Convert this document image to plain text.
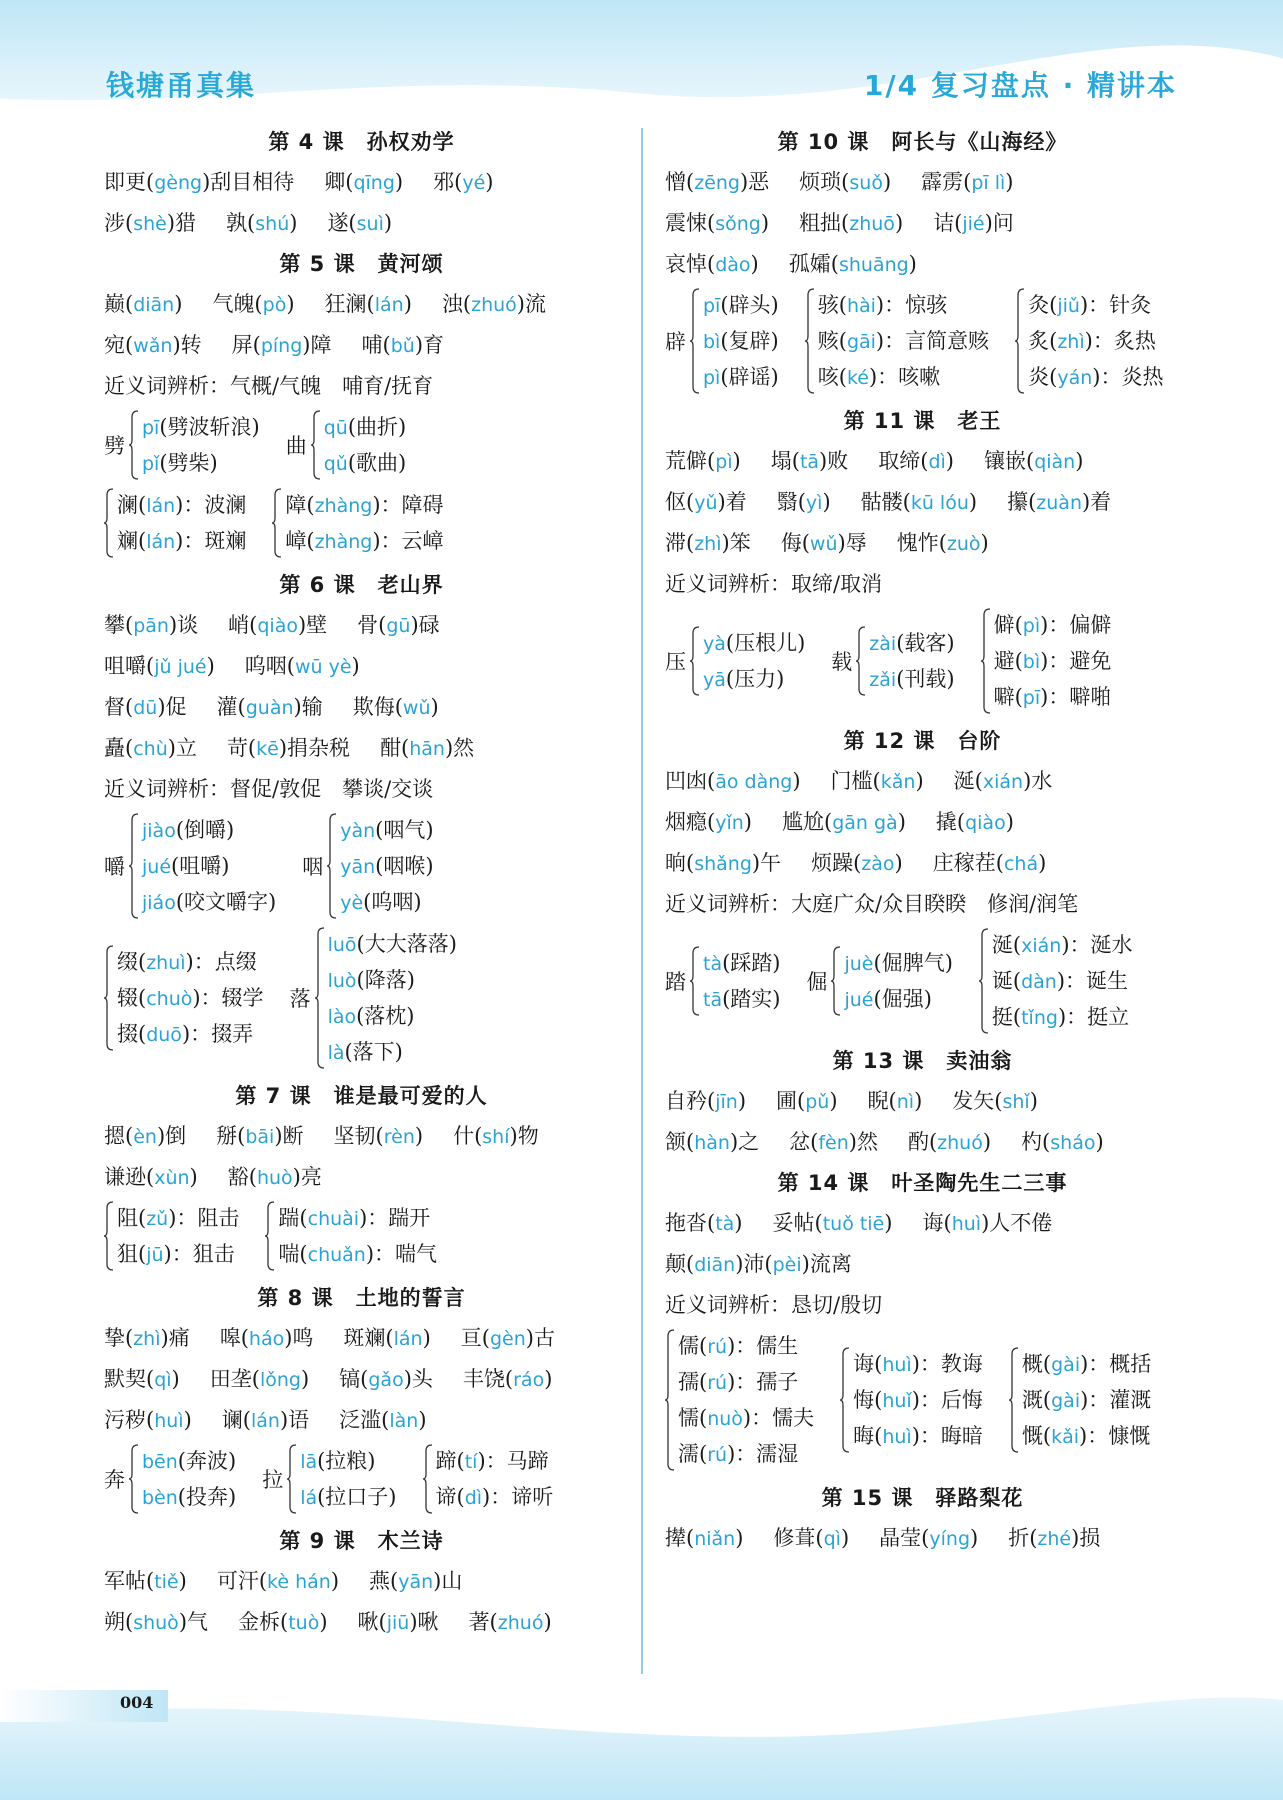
钱塘甬真集	1/4 复习盘点 · 精讲本
第 4 课　孙权劝学
即更(gèng)刮目相待 卿(qīng) 邪(yé)
涉(shè)猎 孰(shú) 遂(suì)
第 5 课　黄河颂
巅(diān) 气魄(pò) 狂澜(lán) 浊(zhuó)流
宛(wǎn)转 屏(píng)障 哺(bǔ)育
近义词辨析：气概/气魄　哺育/抚育
劈
pī(劈波斩浪)
pǐ(劈柴)
曲
qū(曲折)
qǔ(歌曲)
澜(lán)：波澜
斓(lán)：斑斓
障(zhàng)：障碍
嶂(zhàng)：云嶂
第 6 课　老山界
攀(pān)谈 峭(qiào)壁 骨(gū)碌
咀嚼(jǔ jué) 呜咽(wū yè)
督(dū)促 灌(guàn)输 欺侮(wǔ)
矗(chù)立 苛(kē)捐杂税 酣(hān)然
近义词辨析：督促/敦促　攀谈/交谈
嚼
jiào(倒嚼)
jué(咀嚼)
jiáo(咬文嚼字)
咽
yàn(咽气)
yān(咽喉)
yè(呜咽)
缀(zhuì)：点缀
辍(chuò)：辍学
掇(duō)：掇弄
落
luō(大大落落)
luò(降落)
lào(落枕)
là(落下)
第 7 课　谁是最可爱的人
摁(èn)倒 掰(bāi)断 坚韧(rèn) 什(shí)物
谦逊(xùn) 豁(huò)亮
阻(zǔ)：阻击
狙(jū)：狙击
踹(chuài)：踹开
喘(chuǎn)：喘气
第 8 课　土地的誓言
挚(zhì)痛 嗥(háo)鸣 斑斓(lán) 亘(gèn)古
默契(qì) 田垄(lǒng) 镐(gǎo)头 丰饶(ráo)
污秽(huì) 谰(lán)语 泛滥(làn)
奔
bēn(奔波)
bèn(投奔)
拉
lā(拉粮)
lá(拉口子)
蹄(tí)：马蹄
谛(dì)：谛听
第 9 课　木兰诗
军帖(tiě) 可汗(kè hán) 燕(yān)山
朔(shuò)气 金柝(tuò) 啾(jiū)啾 著(zhuó)
第 10 课　阿长与《山海经》
憎(zēng)恶 烦琐(suǒ) 霹雳(pī lì)
震悚(sǒng) 粗拙(zhuō) 诘(jié)问
哀悼(dào) 孤孀(shuāng)
辟
pī(辟头)
bì(复辟)
pì(辟谣)
骇(hài)：惊骇
赅(gāi)：言简意赅
咳(ké)：咳嗽
灸(jiǔ)：针灸
炙(zhì)：炙热
炎(yán)：炎热
第 11 课　老王
荒僻(pì) 塌(tā)败 取缔(dì) 镶嵌(qiàn)
伛(yǔ)着 翳(yì) 骷髅(kū lóu) 攥(zuàn)着
滞(zhì)笨 侮(wǔ)辱 愧怍(zuò)
近义词辨析：取缔/取消
压
yà(压根儿)
yā(压力)
载
zài(载客)
zǎi(刊载)
僻(pì)：偏僻
避(bì)：避免
噼(pī)：噼啪
第 12 课　台阶
凹凼(āo dàng) 门槛(kǎn) 涎(xián)水
烟瘾(yǐn) 尴尬(gān gà) 撬(qiào)
晌(shǎng)午 烦躁(zào) 庄稼茬(chá)
近义词辨析：大庭广众/众目睽睽　修润/润笔
踏
tà(踩踏)
tā(踏实)
倔
juè(倔脾气)
jué(倔强)
涎(xián)：涎水
诞(dàn)：诞生
挺(tǐng)：挺立
第 13 课　卖油翁
自矜(jīn) 圃(pǔ) 睨(nì) 发矢(shǐ)
颔(hàn)之 忿(fèn)然 酌(zhuó) 杓(sháo)
第 14 课　叶圣陶先生二三事
拖沓(tà) 妥帖(tuǒ tiē) 诲(huì)人不倦
颠(diān)沛(pèi)流离
近义词辨析：恳切/殷切
儒(rú)：儒生
孺(rú)：孺子
懦(nuò)：懦夫
濡(rú)：濡湿
诲(huì)：教诲
悔(huǐ)：后悔
晦(huì)：晦暗
概(gài)：概括
溉(gài)：灌溉
慨(kǎi)：慷慨
第 15 课　驿路梨花
撵(niǎn) 修葺(qì) 晶莹(yíng) 折(zhé)损
004
